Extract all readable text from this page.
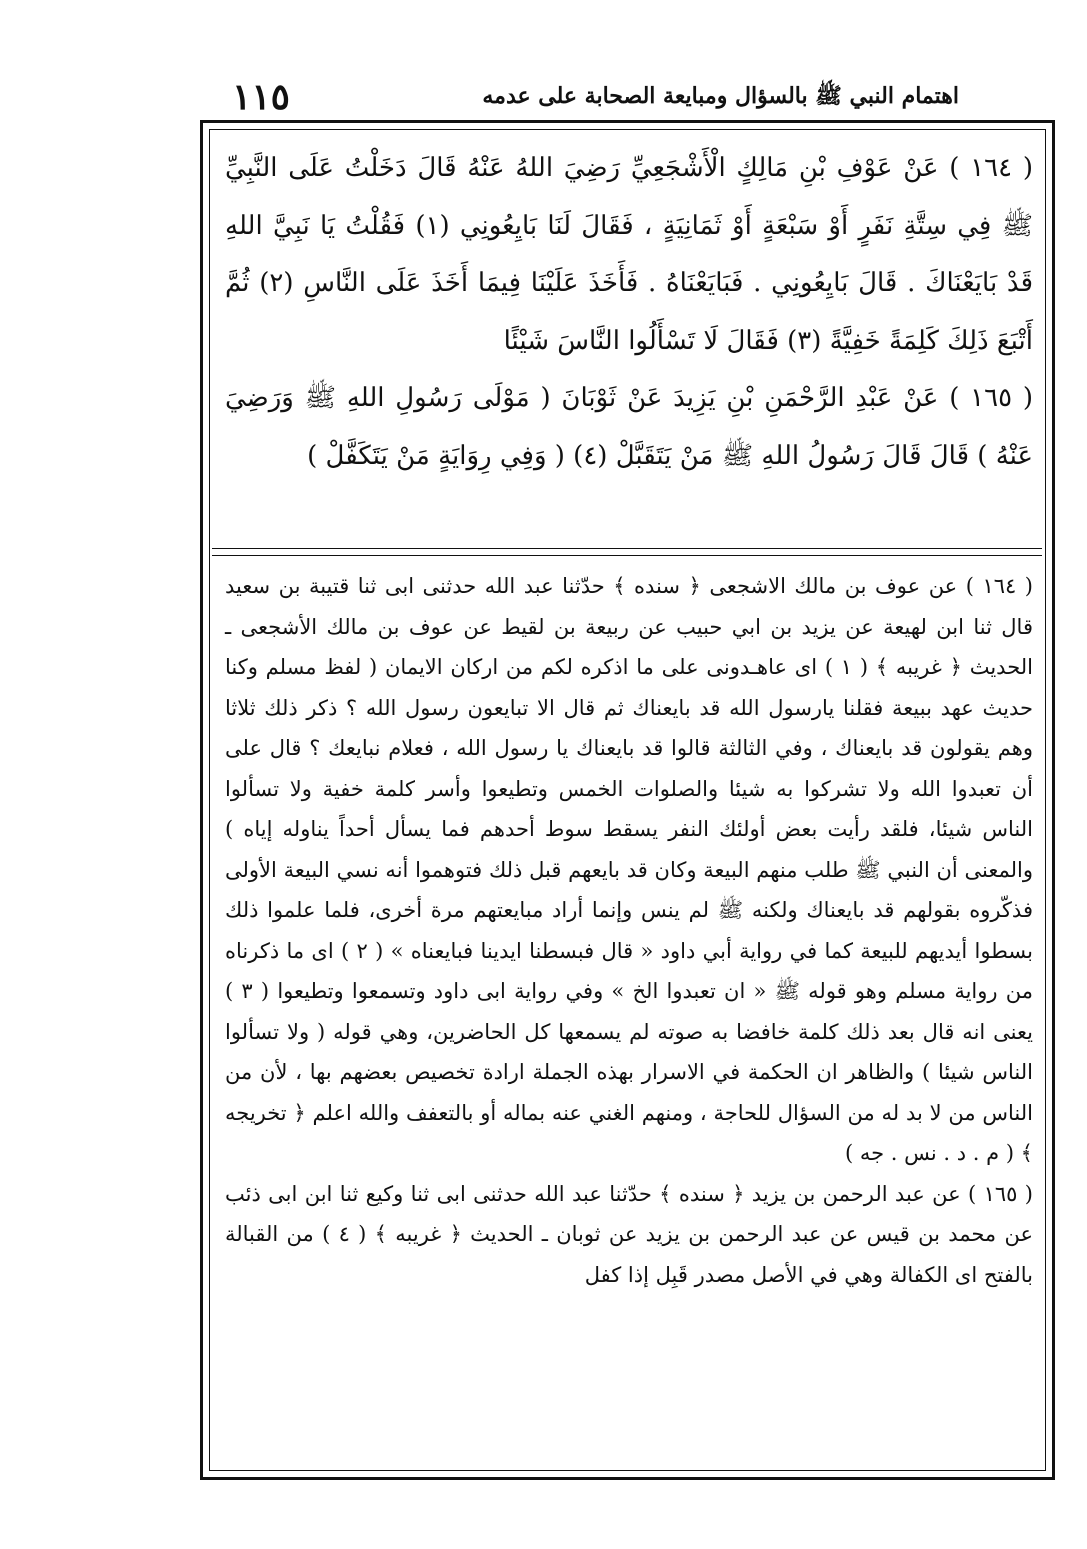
١١٥	اهتمام النبي ﷺ بالسؤال ومبايعة الصحابة على عدمه

( ١٦٤ ) عَنْ عَوْفِ بْنِ مَالِكٍ الْأَشْجَعِيِّ رَضِيَ اللهُ عَنْهُ قَالَ دَخَلْتُ عَلَى النَّبِيِّ ﷺ فِي سِتَّةِ نَفَرٍ أَوْ سَبْعَةٍ أَوْ ثَمَانِيَةٍ ، فَقَالَ لَنَا بَايِعُونِي (١) فَقُلْتُ يَا نَبِيَّ اللهِ قَدْ بَايَعْنَاكَ . قَالَ بَايِعُونِي . فَبَايَعْنَاهُ . فَأَخَذَ عَلَيْنَا فِيمَا أَخَذَ عَلَى النَّاسِ (٢) ثُمَّ أَتْبَعَ ذَلِكَ كَلِمَةً خَفِيَّةً (٣) فَقَالَ لَا تَسْأَلُوا النَّاسَ شَيْئًا

( ١٦٥ ) عَنْ عَبْدِ الرَّحْمَنِ بْنِ يَزِيدَ عَنْ ثَوْبَانَ ( مَوْلَى رَسُولِ اللهِ ﷺ وَرَضِيَ عَنْهُ ) قَالَ قَالَ رَسُولُ اللهِ ﷺ مَنْ يَتَقَبَّلْ (٤) ( وَفِي رِوَايَةٍ مَنْ يَتَكَفَّلْ )

( ١٦٤ ) عن عوف بن مالك الاشجعى ﴿ سنده ﴾ حدّثنا عبد الله حدثنى ابى ثنا قتيبة بن سعيد قال ثنا ابن لهيعة عن يزيد بن ابي حبيب عن ربيعة بن لقيط عن عوف بن مالك الأشجعى ـ الحديث ﴿ غريبه ﴾ ( ١ ) اى عاهـدونى على ما اذكره لكم من اركان الايمان ( لفظ مسلم وكنا حديث عهد ببيعة فقلنا يارسول الله قد بايعناك ثم قال الا تبايعون رسول الله ؟ ذكر ذلك ثلاثا وهم يقولون قد بايعناك ، وفي الثالثة قالوا قد بايعناك يا رسول الله ، فعلام نبايعك ؟ قال على أن تعبدوا الله ولا تشركوا به شيئا والصلوات الخمس وتطيعوا وأسر كلمة خفية ولا تسألوا الناس شيئا، فلقد رأيت بعض أولئك النفر يسقط سوط أحدهم فما يسأل أحداً يناوله إياه ) والمعنى أن النبي ﷺ طلب منهم البيعة وكان قد بايعهم قبل ذلك فتوهموا أنه نسي البيعة الأولى فذكّروه بقولهم قد بايعناك ولكنه ﷺ لم ينس وإنما أراد مبايعتهم مرة أخرى، فلما علموا ذلك بسطوا أيديهم للبيعة كما في رواية أبي داود « قال فبسطنا ايدينا فبايعناه » ( ٢ ) اى ما ذكرناه من رواية مسلم وهو قوله ﷺ « ان تعبدوا الخ » وفي رواية ابى داود وتسمعوا وتطيعوا ( ٣ ) يعنى انه قال بعد ذلك كلمة خافضا به صوته لم يسمعها كل الحاضرين، وهي قوله ( ولا تسألوا الناس شيئا ) والظاهر ان الحكمة في الاسرار بهذه الجملة ارادة تخصيص بعضهم بها ، لأن من الناس من لا بد له من السؤال للحاجة ، ومنهم الغني عنه بماله أو بالتعفف والله اعلم ﴿ تخريجه ﴾ ( م . د . نس . جه )

( ١٦٥ ) عن عبد الرحمن بن يزيد ﴿ سنده ﴾ حدّثنا عبد الله حدثنى ابى ثنا وكيع ثنا ابن ابى ذئب عن محمد بن قيس عن عبد الرحمن بن يزيد عن ثوبان ـ الحديث ﴿ غريبه ﴾ ( ٤ ) من القبالة بالفتح اى الكفالة وهي في الأصل مصدر قَبِل إذا كفل
